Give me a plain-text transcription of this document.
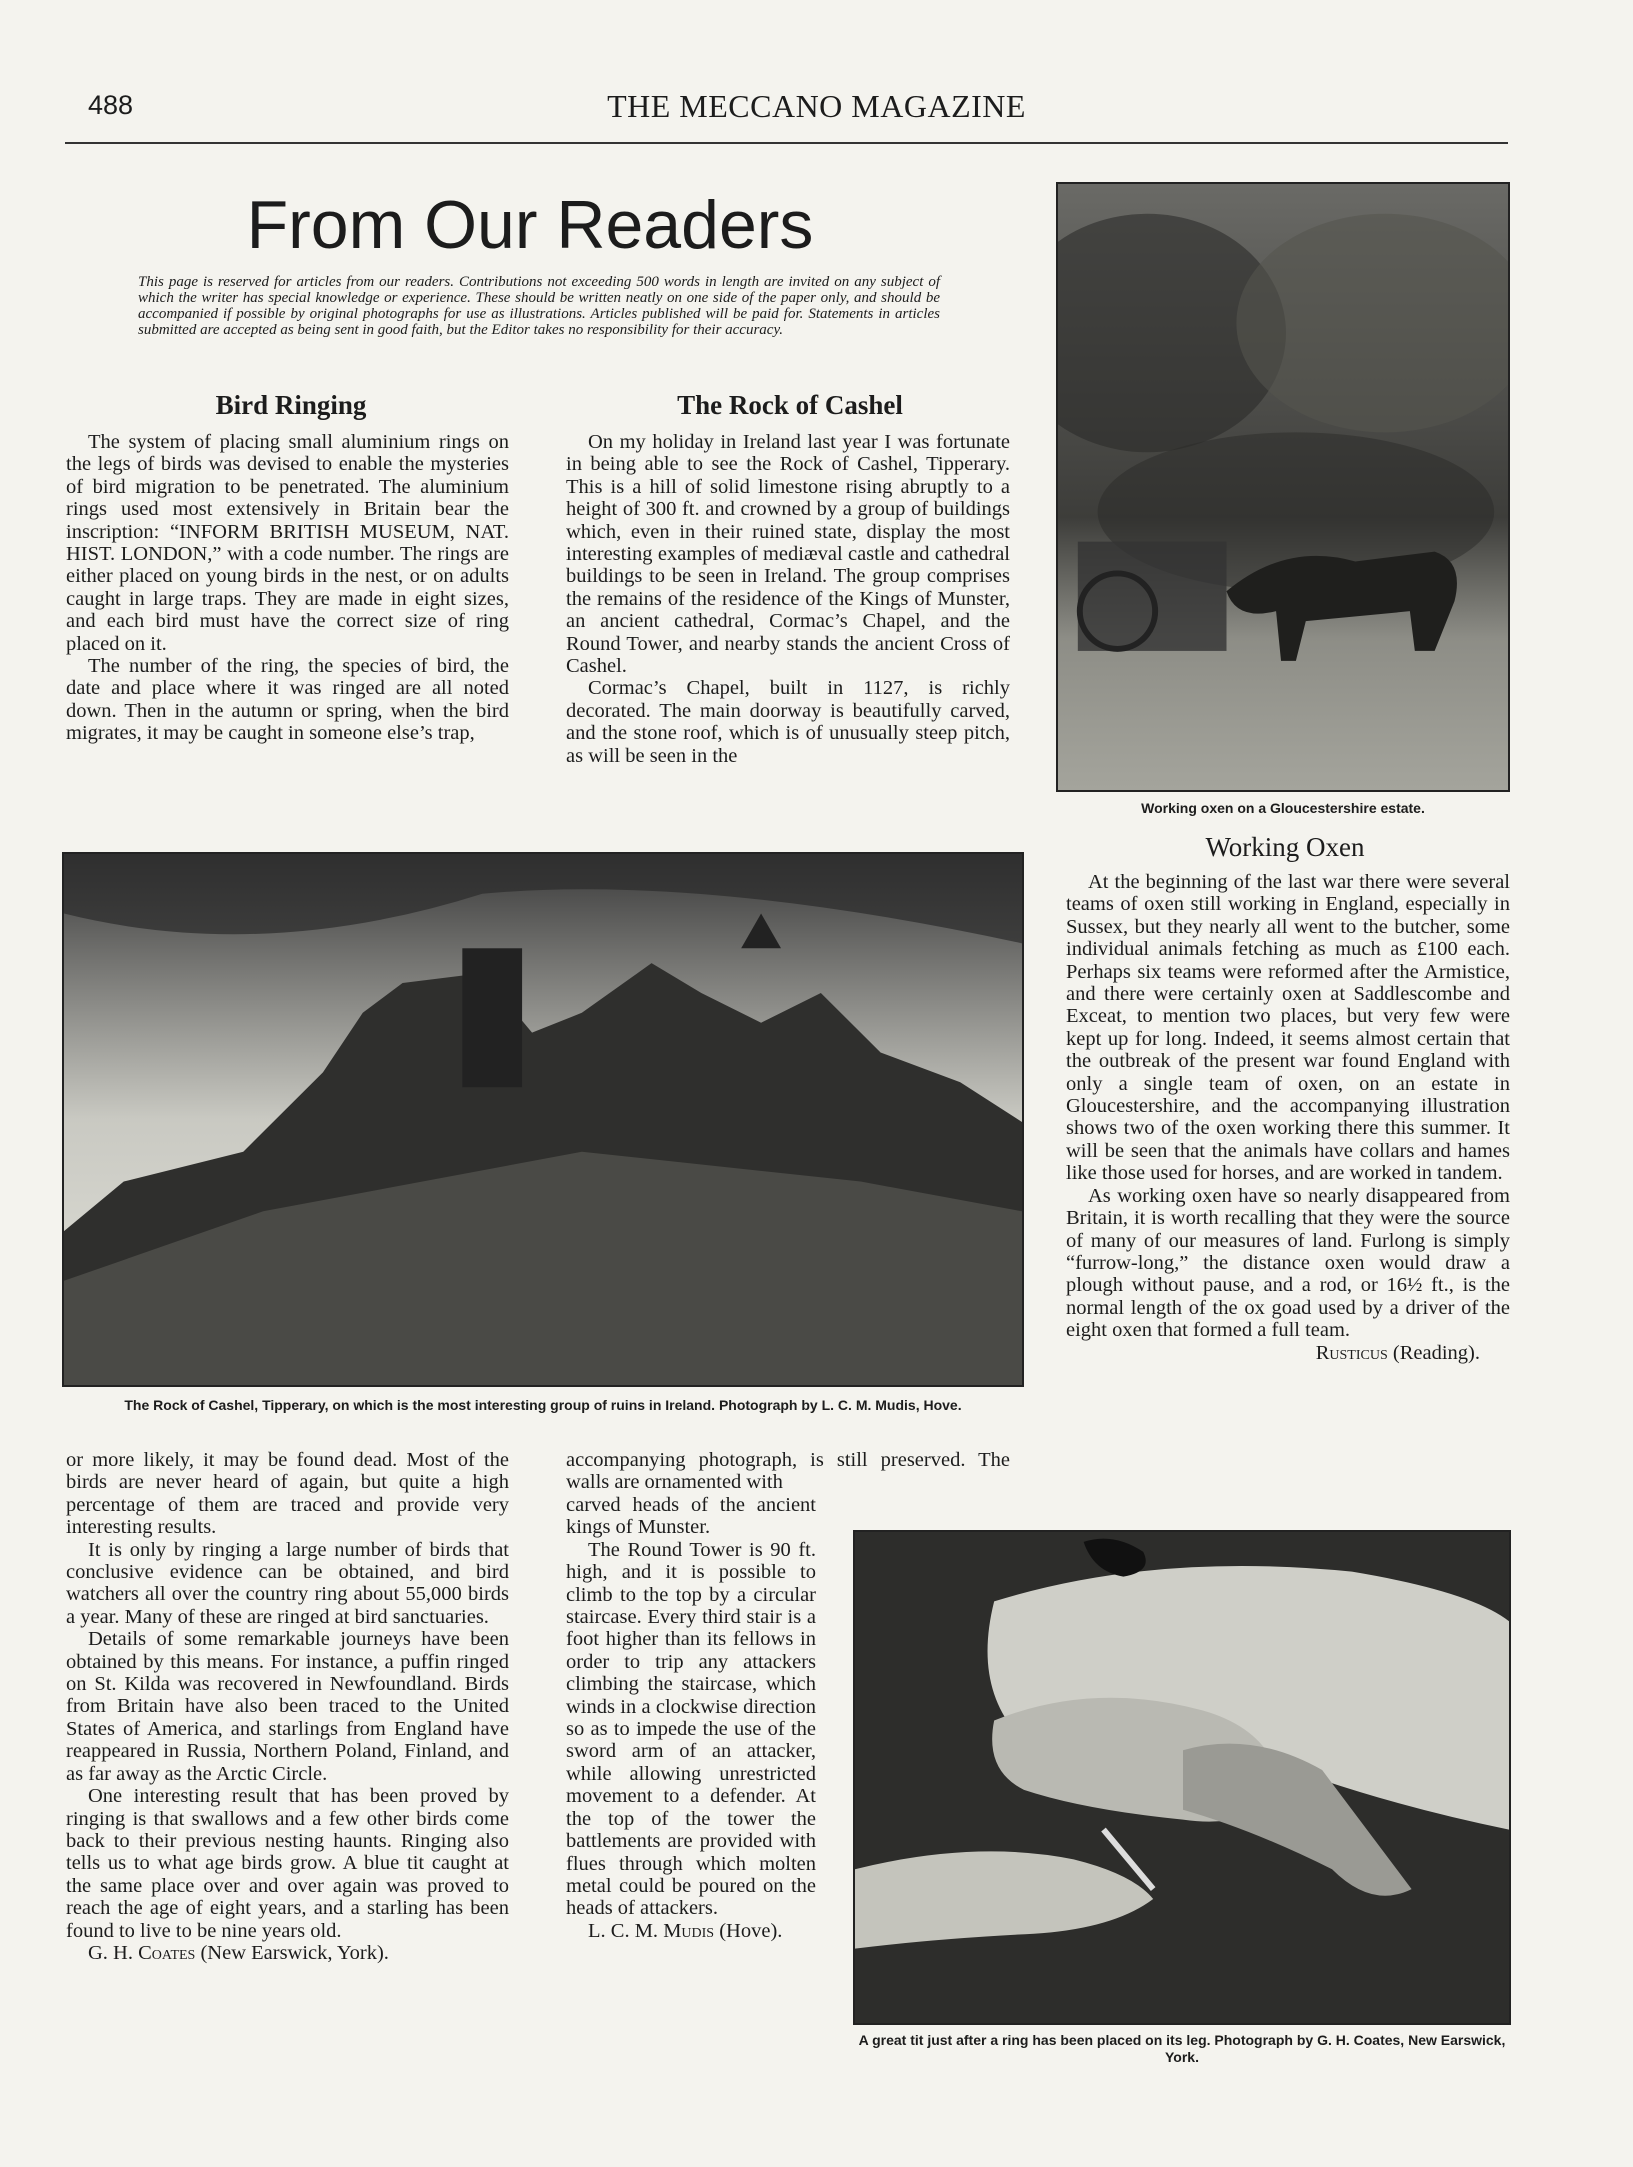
488	THE MECCANO MAGAZINE
From Our Readers
This page is reserved for articles from our readers. Contributions not exceeding 500 words in length are invited on any subject of which the writer has special knowledge or experience. These should be written neatly on one side of the paper only, and should be accompanied if possible by original photographs for use as illustrations. Articles published will be paid for. Statements in articles submitted are accepted as being sent in good faith, but the Editor takes no responsibility for their accuracy.
Bird Ringing

The system of placing small aluminium rings on the legs of birds was devised to enable the mysteries of bird migration to be penetrated. The aluminium rings used most extensively in Britain bear the inscription: “INFORM BRITISH MUSEUM, NAT. HIST. LONDON,” with a code number. The rings are either placed on young birds in the nest, or on adults caught in large traps. They are made in eight sizes, and each bird must have the correct size of ring placed on it.

The number of the ring, the species of bird, the date and place where it was ringed are all noted down. Then in the autumn or spring, when the bird migrates, it may be caught in someone else’s trap,

The Rock of Cashel

On my holiday in Ireland last year I was fortunate in being able to see the Rock of Cashel, Tipperary. This is a hill of solid limestone rising abruptly to a height of 300 ft. and crowned by a group of buildings which, even in their ruined state, display the most interesting examples of mediæval castle and cathedral buildings to be seen in Ireland. The group comprises the remains of the residence of the Kings of Munster, an ancient cathedral, Cormac’s Chapel, and the Round Tower, and nearby stands the ancient Cross of Cashel.

Cormac’s Chapel, built in 1127, is richly decorated. The main doorway is beautifully carved, and the stone roof, which is of unusually steep pitch, as will be seen in the

Working oxen on a Gloucestershire estate.
Working Oxen

At the beginning of the last war there were several teams of oxen still working in England, especially in Sussex, but they nearly all went to the butcher, some individual animals fetching as much as £100 each. Perhaps six teams were reformed after the Armistice, and there were certainly oxen at Saddlescombe and Exceat, to mention two places, but very few were kept up for long. Indeed, it seems almost certain that the outbreak of the present war found England with only a single team of oxen, on an estate in Gloucestershire, and the accompanying illustration shows two of the oxen working there this summer. It will be seen that the animals have collars and hames like those used for horses, and are worked in tandem.

As working oxen have so nearly disappeared from Britain, it is worth recalling that they were the source of many of our measures of land. Furlong is simply “furrow-long,” the distance oxen would draw a plough without pause, and a rod, or 16½ ft., is the normal length of the ox goad used by a driver of the eight oxen that formed a full team.

Rusticus (Reading).

The Rock of Cashel, Tipperary, on which is the most interesting group of ruins in Ireland. Photograph by L. C. M. Mudis, Hove.

or more likely, it may be found dead. Most of the birds are never heard of again, but quite a high percentage of them are traced and provide very interesting results.

It is only by ringing a large number of birds that conclusive evidence can be obtained, and bird watchers all over the country ring about 55,000 birds a year. Many of these are ringed at bird sanctuaries.

Details of some remarkable journeys have been obtained by this means. For instance, a puffin ringed on St. Kilda was recovered in Newfoundland. Birds from Britain have also been traced to the United States of America, and starlings from England have reappeared in Russia, Northern Poland, Finland, and as far away as the Arctic Circle.

One interesting result that has been proved by ringing is that swallows and a few other birds come back to their previous nesting haunts. Ringing also tells us to what age birds grow. A blue tit caught at the same place over and over again was proved to reach the age of eight years, and a starling has been found to live to be nine years old.

G. H. Coates (New Earswick, York).

accompanying photograph, is still preserved. The walls are ornamented with

carved heads of the ancient kings of Munster.

The Round Tower is 90 ft. high, and it is possible to climb to the top by a circular staircase. Every third stair is a foot higher than its fellows in order to trip any attackers climbing the staircase, which winds in a clockwise direction so as to impede the use of the sword arm of an attacker, while allowing unrestricted movement to a defender. At the top of the tower the battlements are provided with flues through which molten metal could be poured on the heads of attackers.

L. C. M. Mudis (Hove).

A great tit just after a ring has been placed on its leg. Photograph by G. H. Coates, New Earswick, York.
